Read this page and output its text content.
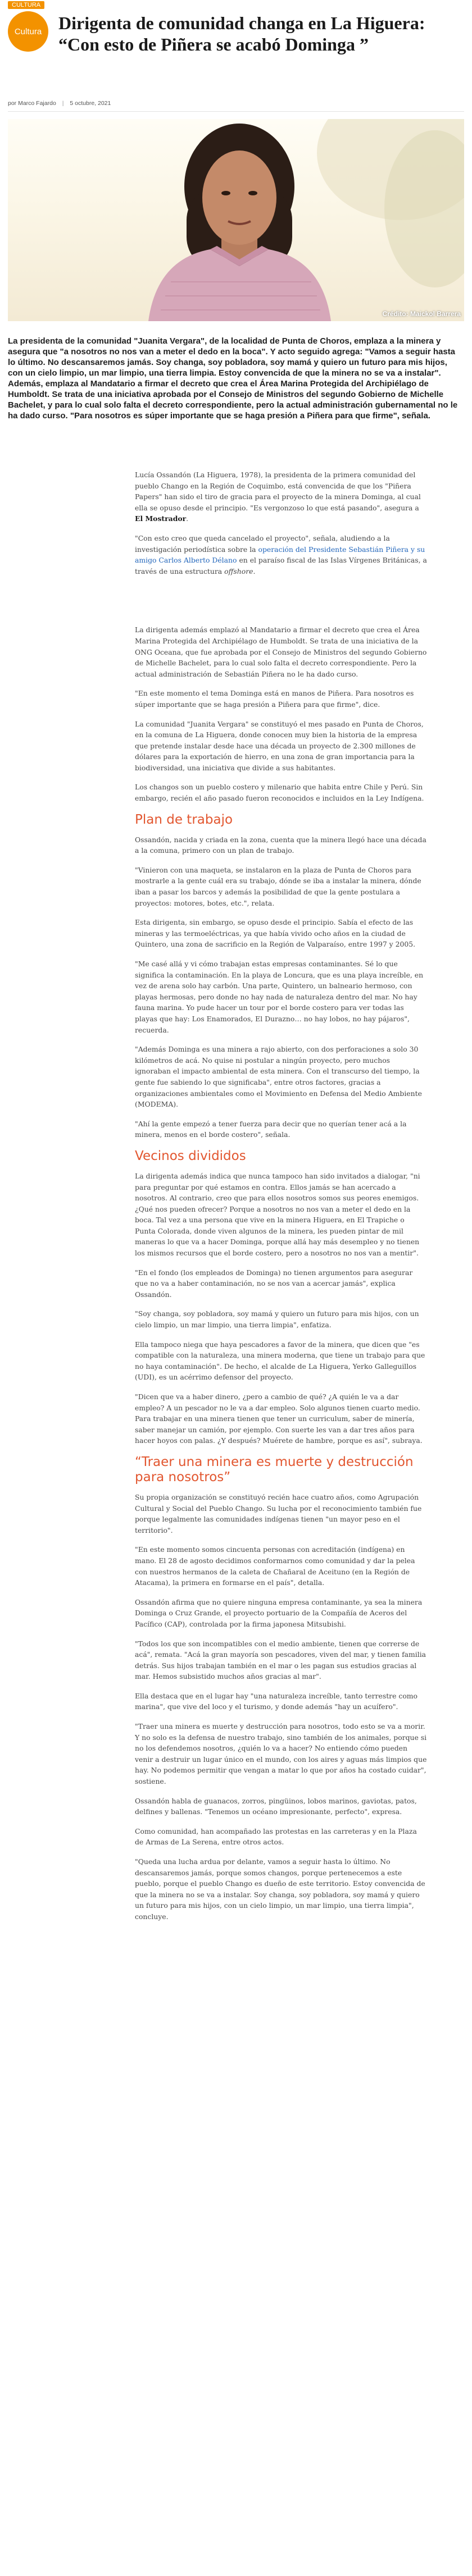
CULTURA
Cultura Dirigenta de comunidad changa en La Higuera: “Con esto de Piñera se acabó Dominga ”
por Marco Fajardo | 5 octubre, 2021
Crédito: Maickol Barrera

La presidenta de la comunidad "Juanita Vergara", de la localidad de Punta de Choros, emplaza a la minera y asegura que "a nosotros no nos van a meter el dedo en la boca". Y acto seguido agrega: "Vamos a seguir hasta lo último. No descansaremos jamás. Soy changa, soy pobladora, soy mamá y quiero un futuro para mis hijos, con un cielo limpio, un mar limpio, una tierra limpia. Estoy convencida de que la minera no se va a instalar". Además, emplaza al Mandatario a firmar el decreto que crea el Área Marina Protegida del Archipiélago de Humboldt. Se trata de una iniciativa aprobada por el Consejo de Ministros del segundo Gobierno de Michelle Bachelet, y para lo cual solo falta el decreto correspondiente, pero la actual administración gubernamental no le ha dado curso. "Para nosotros es súper importante que se haga presión a Piñera para que firme", señala.

Lucía Ossandón (La Higuera, 1978), la presidenta de la primera comunidad del pueblo Chango en la Región de Coquimbo, está convencida de que los "Piñera Papers" han sido el tiro de gracia para el proyecto de la minera Dominga, al cual ella se opuso desde el principio. "Es vergonzoso lo que está pasando", asegura a El Mostrador.

"Con esto creo que queda cancelado el proyecto", señala, aludiendo a la investigación periodística sobre la operación del Presidente Sebastián Piñera y su amigo Carlos Alberto Délano en el paraíso fiscal de las Islas Vírgenes Británicas, a través de una estructura offshore.

La dirigenta además emplazó al Mandatario a firmar el decreto que crea el Área Marina Protegida del Archipiélago de Humboldt. Se trata de una iniciativa de la ONG Oceana, que fue aprobada por el Consejo de Ministros del segundo Gobierno de Michelle Bachelet, para lo cual solo falta el decreto correspondiente. Pero la actual administración de Sebastián Piñera no le ha dado curso.

"En este momento el tema Dominga está en manos de Piñera. Para nosotros es súper importante que se haga presión a Piñera para que firme", dice.

La comunidad "Juanita Vergara" se constituyó el mes pasado en Punta de Choros, en la comuna de La Higuera, donde conocen muy bien la historia de la empresa que pretende instalar desde hace una década un proyecto de 2.300 millones de dólares para la exportación de hierro, en una zona de gran importancia para la biodiversidad, una iniciativa que divide a sus habitantes.

Los changos son un pueblo costero y milenario que habita entre Chile y Perú. Sin embargo, recién el año pasado fueron reconocidos e incluidos en la Ley Indígena.

Plan de trabajo

Ossandón, nacida y criada en la zona, cuenta que la minera llegó hace una década a la comuna, primero con un plan de trabajo.

"Vinieron con una maqueta, se instalaron en la plaza de Punta de Choros para mostrarle a la gente cuál era su trabajo, dónde se iba a instalar la minera, dónde iban a pasar los barcos y además la posibilidad de que la gente postulara a proyectos: motores, botes, etc.", relata.

Esta dirigenta, sin embargo, se opuso desde el principio. Sabía el efecto de las mineras y las termoeléctricas, ya que había vivido ocho años en la ciudad de Quintero, una zona de sacrificio en la Región de Valparaíso, entre 1997 y 2005.

"Me casé allá y vi cómo trabajan estas empresas contaminantes. Sé lo que significa la contaminación. En la playa de Loncura, que es una playa increíble, en vez de arena solo hay carbón. Una parte, Quintero, un balneario hermoso, con playas hermosas, pero donde no hay nada de naturaleza dentro del mar. No hay fauna marina. Yo pude hacer un tour por el borde costero para ver todas las playas que hay: Los Enamorados, El Durazno… no hay lobos, no hay pájaros", recuerda.

"Además Dominga es una minera a rajo abierto, con dos perforaciones a solo 30 kilómetros de acá. No quise ni postular a ningún proyecto, pero muchos ignoraban el impacto ambiental de esta minera. Con el transcurso del tiempo, la gente fue sabiendo lo que significaba", entre otros factores, gracias a organizaciones ambientales como el Movimiento en Defensa del Medio Ambiente (MODEMA).

"Ahí la gente empezó a tener fuerza para decir que no querían tener acá a la minera, menos en el borde costero", señala.

Vecinos divididos

La dirigenta además indica que nunca tampoco han sido invitados a dialogar, "ni para preguntar por qué estamos en contra. Ellos jamás se han acercado a nosotros. Al contrario, creo que para ellos nosotros somos sus peores enemigos. ¿Qué nos pueden ofrecer? Porque a nosotros no nos van a meter el dedo en la boca. Tal vez a una persona que vive en la minera Higuera, en El Trapiche o Punta Colorada, donde viven algunos de la minera, les pueden pintar de mil maneras lo que va a hacer Dominga, porque allá hay más desempleo y no tienen los mismos recursos que el borde costero, pero a nosotros no nos van a mentir".

"En el fondo (los empleados de Dominga) no tienen argumentos para asegurar que no va a haber contaminación, no se nos van a acercar jamás", explica Ossandón.

"Soy changa, soy pobladora, soy mamá y quiero un futuro para mis hijos, con un cielo limpio, un mar limpio, una tierra limpia", enfatiza.

Ella tampoco niega que haya pescadores a favor de la minera, que dicen que "es compatible con la naturaleza, una minera moderna, que tiene un trabajo para que no haya contaminación". De hecho, el alcalde de La Higuera, Yerko Galleguillos (UDI), es un acérrimo defensor del proyecto.

"Dicen que va a haber dinero, ¿pero a cambio de qué? ¿A quién le va a dar empleo? A un pescador no le va a dar empleo. Solo algunos tienen cuarto medio. Para trabajar en una minera tienen que tener un curriculum, saber de minería, saber manejar un camión, por ejemplo. Con suerte les van a dar tres años para hacer hoyos con palas. ¿Y después? Muérete de hambre, porque es así", subraya.

“Traer una minera es muerte y destrucción para nosotros”

Su propia organización se constituyó recién hace cuatro años, como Agrupación Cultural y Social del Pueblo Chango. Su lucha por el reconocimiento también fue porque legalmente las comunidades indígenas tienen "un mayor peso en el territorio".

"En este momento somos cincuenta personas con acreditación (indígena) en mano. El 28 de agosto decidimos conformarnos como comunidad y dar la pelea con nuestros hermanos de la caleta de Chañaral de Aceituno (en la Región de Atacama), la primera en formarse en el país", detalla.

Ossandón afirma que no quiere ninguna empresa contaminante, ya sea la minera Dominga o Cruz Grande, el proyecto portuario de la Compañía de Aceros del Pacífico (CAP), controlada por la firma japonesa Mitsubishi.

"Todos los que son incompatibles con el medio ambiente, tienen que correrse de acá", remata. "Acá la gran mayoría son pescadores, viven del mar, y tienen familia detrás. Sus hijos trabajan también en el mar o les pagan sus estudios gracias al mar. Hemos subsistido muchos años gracias al mar".

Ella destaca que en el lugar hay "una naturaleza increíble, tanto terrestre como marina", que vive del loco y el turismo, y donde además "hay un acuífero".

"Traer una minera es muerte y destrucción para nosotros, todo esto se va a morir. Y no solo es la defensa de nuestro trabajo, sino también de los animales, porque si no los defendemos nosotros, ¿quién lo va a hacer? No entiendo cómo pueden venir a destruir un lugar único en el mundo, con los aires y aguas más limpios que hay. No podemos permitir que vengan a matar lo que por años ha costado cuidar", sostiene.

Ossandón habla de guanacos, zorros, pingüinos, lobos marinos, gaviotas, patos, delfines y ballenas. "Tenemos un océano impresionante, perfecto", expresa.

Como comunidad, han acompañado las protestas en las carreteras y en la Plaza de Armas de La Serena, entre otros actos.

"Queda una lucha ardua por delante, vamos a seguir hasta lo último. No descansaremos jamás, porque somos changos, porque pertenecemos a este pueblo, porque el pueblo Chango es dueño de este territorio. Estoy convencida de que la minera no se va a instalar. Soy changa, soy pobladora, soy mamá y quiero un futuro para mis hijos, con un cielo limpio, un mar limpio, una tierra limpia", concluye.
